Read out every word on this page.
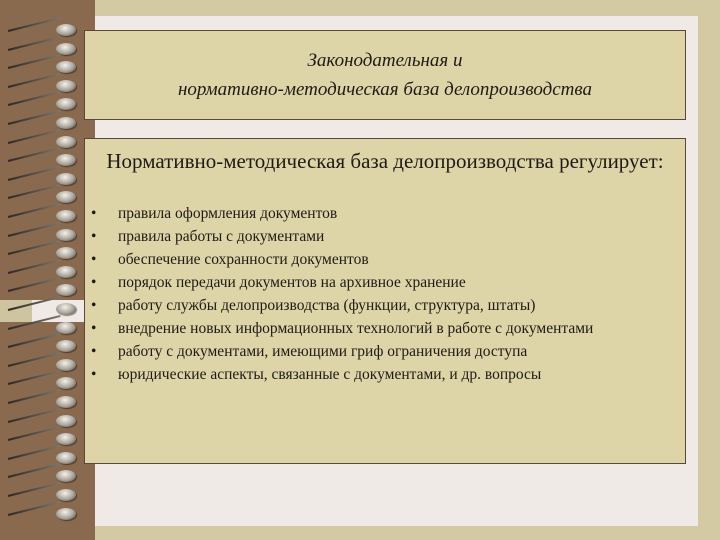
Законодательная и
нормативно-методическая база делопроизводства
Нормативно-методическая база делопроизводства регулирует:
• правила оформления документов
• правила работы с документами
• обеспечение сохранности документов
• порядок передачи документов на архивное хранение
• работу службы делопроизводства (функции, структура, штаты)
• внедрение новых информационных технологий в работе с документами
• работу с документами, имеющими гриф ограничения доступа
• юридические аспекты, связанные с документами, и др. вопросы
